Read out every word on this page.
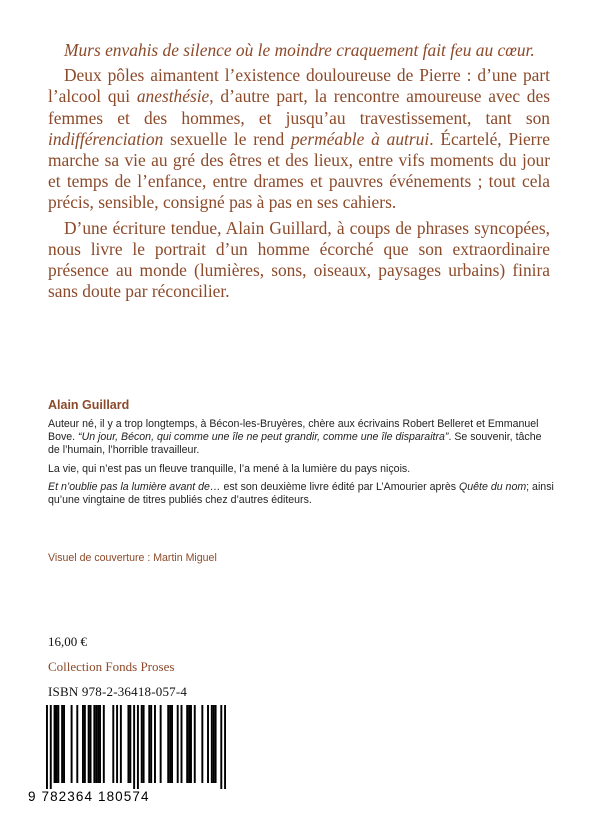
Murs envahis de silence où le moindre craquement fait feu au cœur.

Deux pôles aimantent l’existence douloureuse de Pierre : d’une part l’alcool qui anesthésie, d’autre part, la rencontre amoureuse avec des femmes et des hommes, et jusqu’au travestissement, tant son indifférenciation sexuelle le rend perméable à autrui. Écartelé, Pierre marche sa vie au gré des êtres et des lieux, entre vifs moments du jour et temps de l’enfance, entre drames et pauvres événements ; tout cela précis, sensible, consigné pas à pas en ses cahiers.

D’une écriture tendue, Alain Guillard, à coups de phrases syncopées, nous livre le portrait d’un homme écorché que son extraordinaire présence au monde (lumières, sons, oiseaux, paysages urbains) finira sans doute par réconcilier.

Alain Guillard

Auteur né, il y a trop longtemps, à Bécon-les-Bruyères, chère aux écrivains Robert Belleret et Emmanuel Bove. “Un jour, Bécon, qui comme une île ne peut grandir, comme une île disparaitra”. Se souvenir, tâche de l’humain, l’horrible travailleur.

La vie, qui n’est pas un fleuve tranquille, l’a mené à la lumière du pays niçois.

Et n’oublie pas la lumière avant de… est son deuxième livre édité par L’Amourier après Quête du nom; ainsi qu’une vingtaine de titres publiés chez d’autres éditeurs.

Visuel de couverture : Martin Miguel
16,00 €
Collection Fonds Proses
ISBN 978-2-36418-057-4
9 782364 180574
